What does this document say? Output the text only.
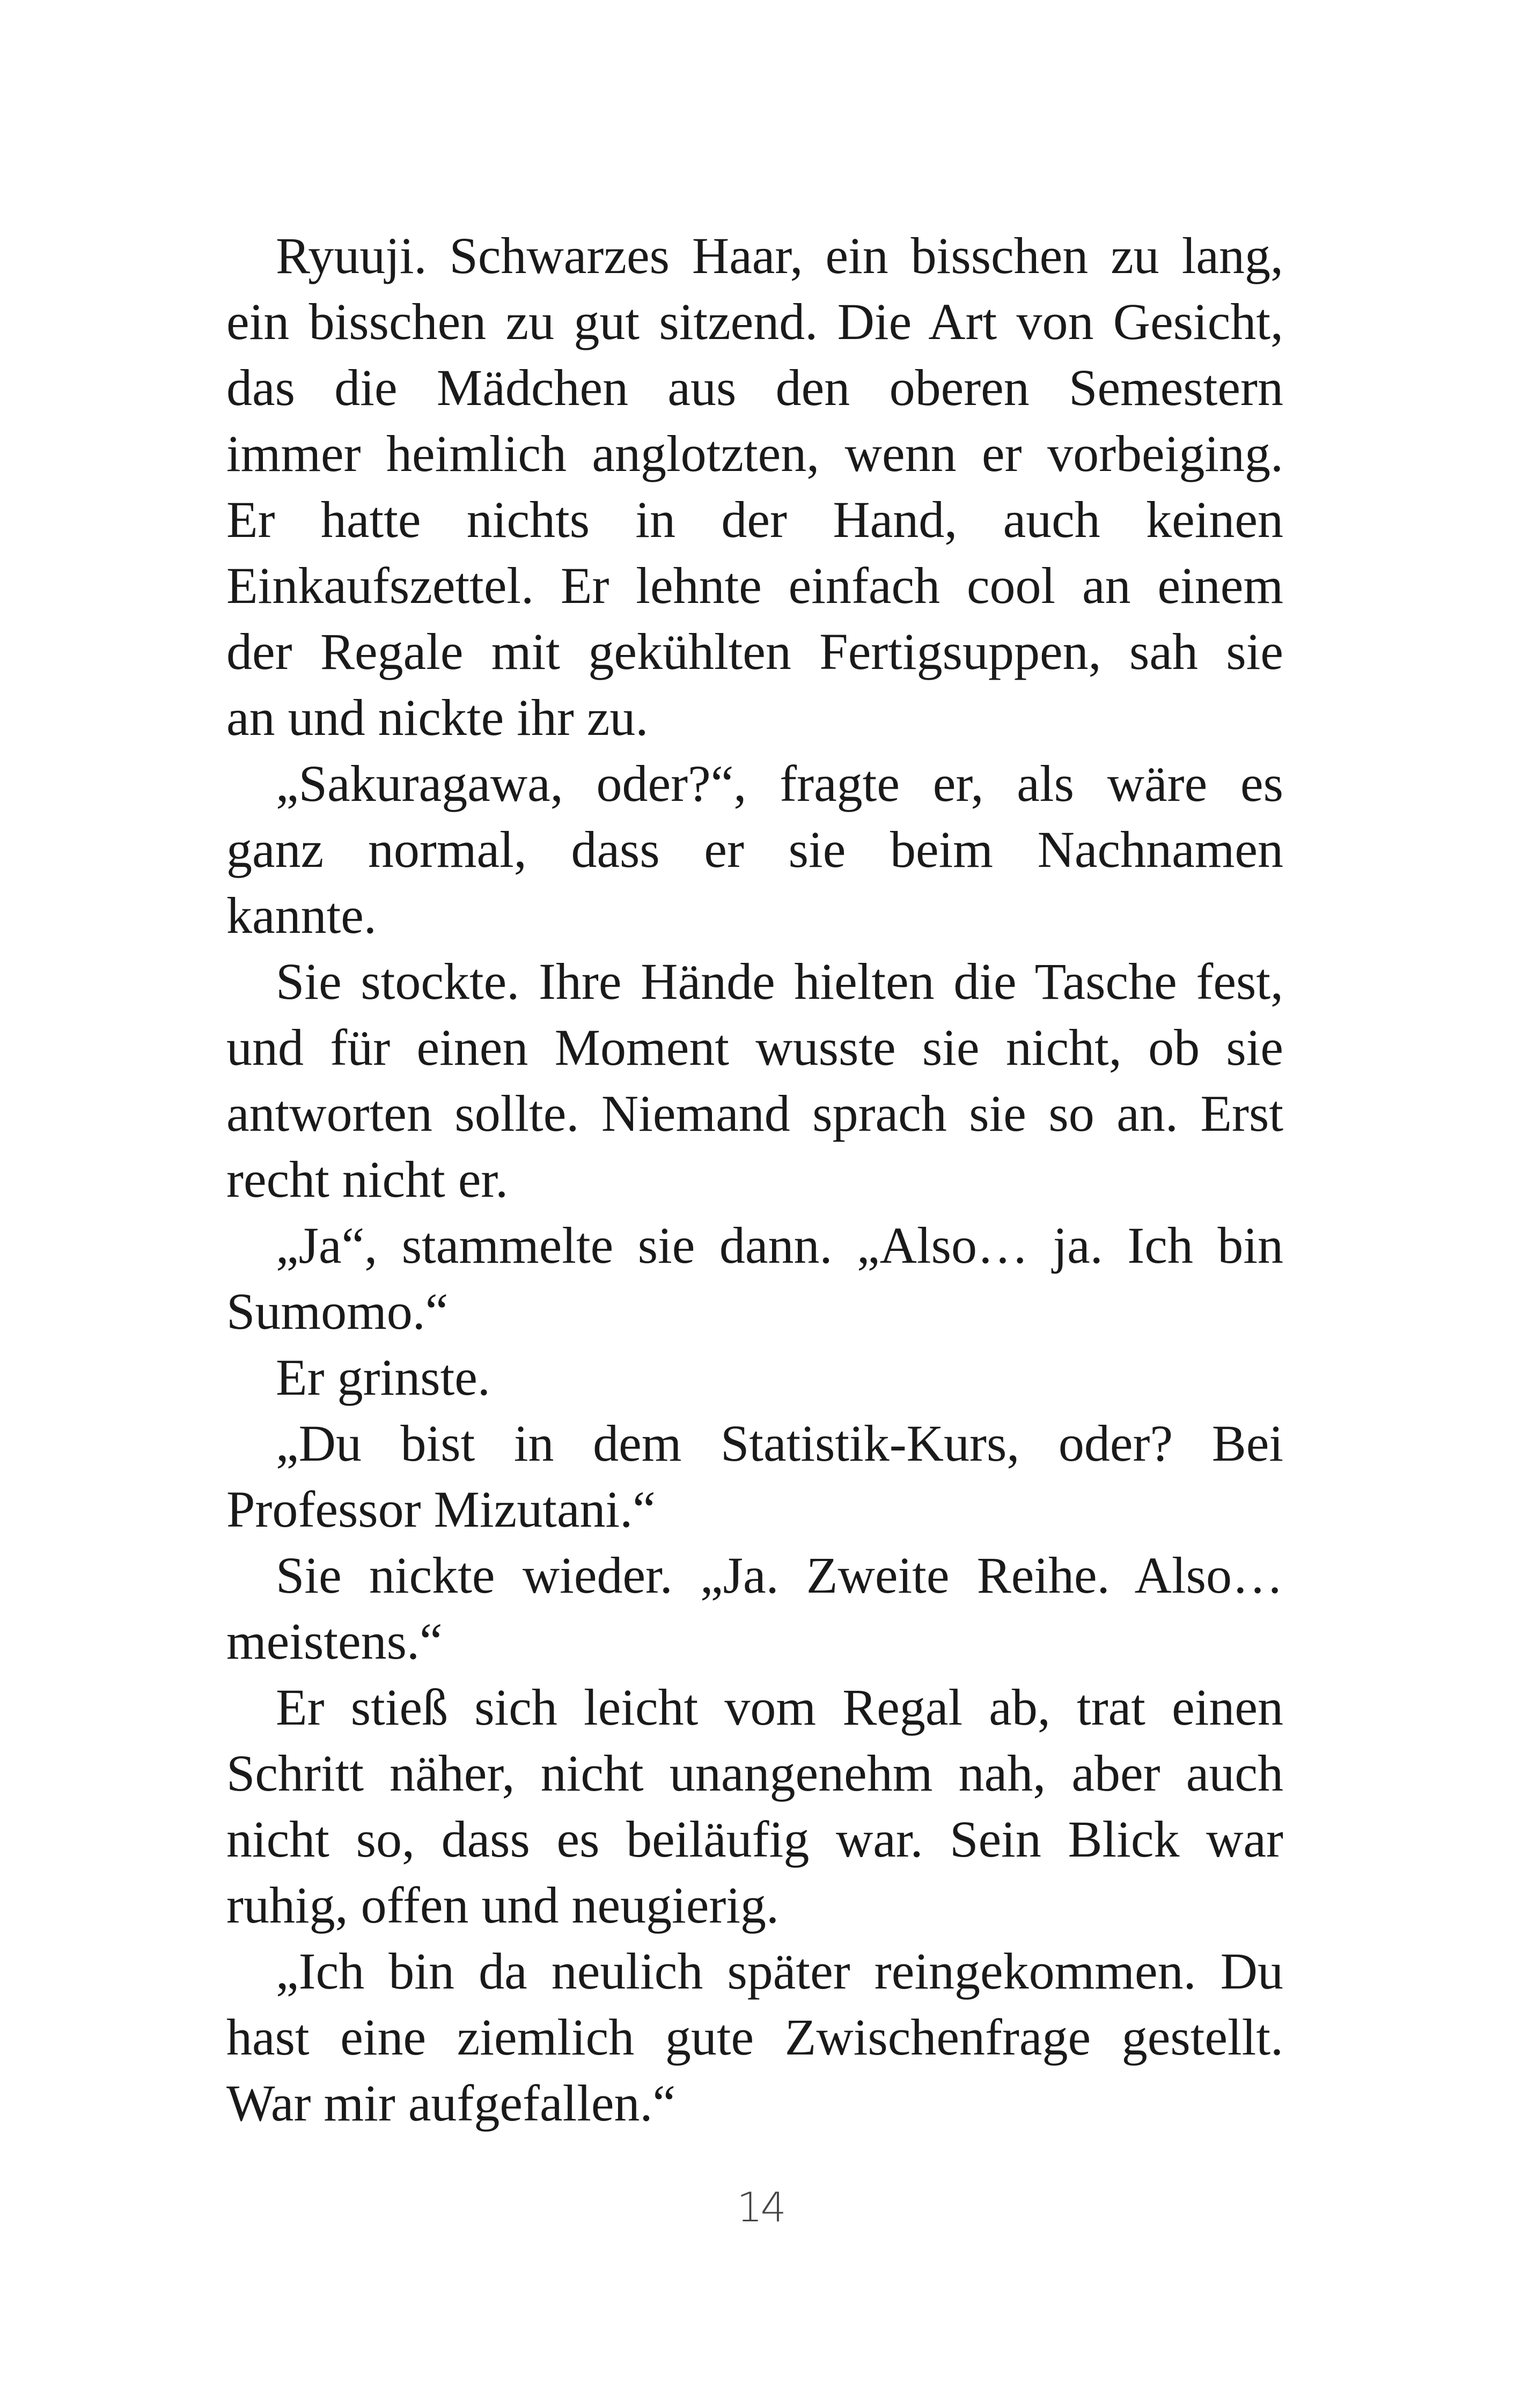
Ryuuji. Schwarzes Haar, ein bisschen zu lang,
ein bisschen zu gut sitzend. Die Art von Gesicht,
das die Mädchen aus den oberen Semestern
immer heimlich anglotzten, wenn er vorbeiging.
Er hatte nichts in der Hand, auch keinen
Einkaufszettel. Er lehnte einfach cool an einem
der Regale mit gekühlten Fertigsuppen, sah sie
an und nickte ihr zu.
„Sakuragawa, oder?“, fragte er, als wäre es
ganz normal, dass er sie beim Nachnamen
kannte.
Sie stockte. Ihre Hände hielten die Tasche fest,
und für einen Moment wusste sie nicht, ob sie
antworten sollte. Niemand sprach sie so an. Erst
recht nicht er.
„Ja“, stammelte sie dann. „Also… ja. Ich bin
Sumomo.“
Er grinste.
„Du bist in dem Statistik-Kurs, oder? Bei
Professor Mizutani.“
Sie nickte wieder. „Ja. Zweite Reihe. Also…
meistens.“
Er stieß sich leicht vom Regal ab, trat einen
Schritt näher, nicht unangenehm nah, aber auch
nicht so, dass es beiläufig war. Sein Blick war
ruhig, offen und neugierig.
„Ich bin da neulich später reingekommen. Du
hast eine ziemlich gute Zwischenfrage gestellt.
War mir aufgefallen.“
14
